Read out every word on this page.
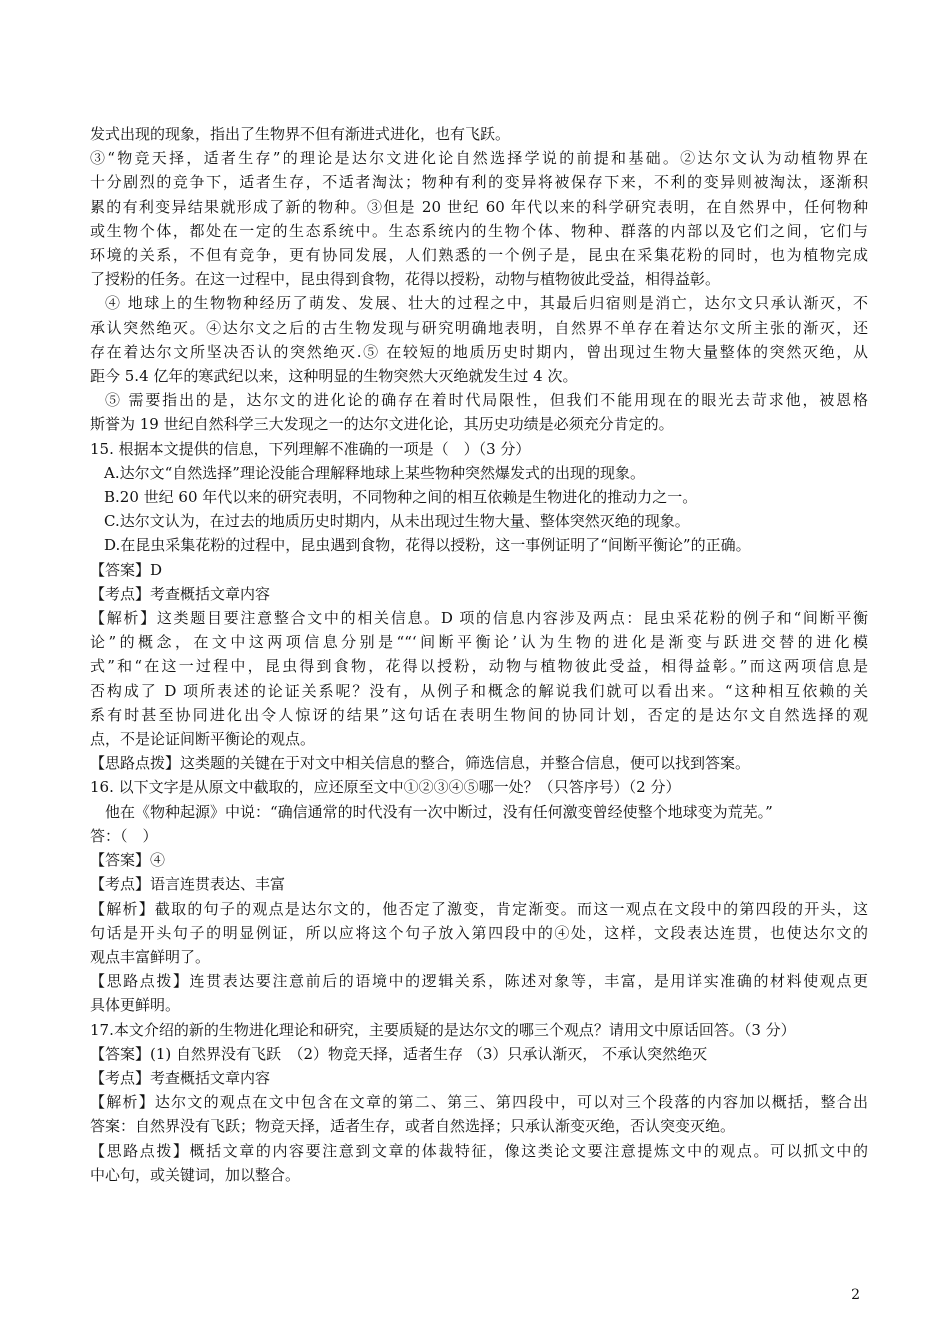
发式出现的现象，指出了生物界不但有渐进式进化，也有飞跃。
③“物竞天择，适者生存”的理论是达尔文进化论自然选择学说的前提和基础。②达尔文认为动植物界在
十分剧烈的竞争下，适者生存，不适者淘汰；物种有利的变异将被保存下来，不利的变异则被淘汰，逐渐积
累的有利变异结果就形成了新的物种。③但是 20 世纪 60 年代以来的科学研究表明，在自然界中，任何物种
或生物个体，都处在一定的生态系统中。生态系统内的生物个体、物种、群落的内部以及它们之间，它们与
环境的关系，不但有竞争，更有协同发展，人们熟悉的一个例子是，昆虫在采集花粉的同时，也为植物完成
了授粉的任务。在这一过程中，昆虫得到食物，花得以授粉，动物与植物彼此受益，相得益彰。
④ 地球上的生物物种经历了萌发、发展、壮大的过程之中，其最后归宿则是消亡，达尔文只承认渐灭，不
承认突然绝灭。④达尔文之后的古生物发现与研究明确地表明，自然界不单存在着达尔文所主张的渐灭，还
存在着达尔文所坚决否认的突然绝灭.⑤ 在较短的地质历史时期内，曾出现过生物大量整体的突然灭绝，从
距今 5.4 亿年的寒武纪以来，这种明显的生物突然大灭绝就发生过 4 次。
⑤ 需要指出的是，达尔文的进化论的确存在着时代局限性，但我们不能用现在的眼光去苛求他，被恩格
斯誉为 19 世纪自然科学三大发现之一的达尔文进化论，其历史功绩是必须充分肯定的。
15. 根据本文提供的信息，下列理解不准确的一项是（　）（3 分）
A.达尔文“自然选择”理论没能合理解释地球上某些物种突然爆发式的出现的现象。
B.20 世纪 60 年代以来的研究表明，不同物种之间的相互依赖是生物进化的推动力之一。
C.达尔文认为，在过去的地质历史时期内，从未出现过生物大量、整体突然灭绝的现象。
D.在昆虫采集花粉的过程中，昆虫遇到食物，花得以授粉，这一事例证明了“间断平衡论”的正确。
【答案】D
【考点】考查概括文章内容
【解析】这类题目要注意整合文中的相关信息。D 项的信息内容涉及两点：昆虫采花粉的例子和“间断平衡
论”的概念，在文中这两项信息分别是““‘间断平衡论’认为生物的进化是渐变与跃进交替的进化模
式”和“在这一过程中，昆虫得到食物，花得以授粉，动物与植物彼此受益，相得益彰。”而这两项信息是
否构成了 D 项所表述的论证关系呢？没有，从例子和概念的解说我们就可以看出来。“这种相互依赖的关
系有时甚至协同进化出令人惊讶的结果”这句话在表明生物间的协同计划，否定的是达尔文自然选择的观
点，不是论证间断平衡论的观点。
【思路点拨】这类题的关键在于对文中相关信息的整合，筛选信息，并整合信息，便可以找到答案。
16. 以下文字是从原文中截取的，应还原至文中①②③④⑤哪一处？（只答序号）（2 分）
他在《物种起源》中说：“确信通常的时代没有一次中断过，没有任何激变曾经使整个地球变为荒芜。”
答：（　）
【答案】④
【考点】语言连贯表达、丰富
【解析】截取的句子的观点是达尔文的，他否定了激变，肯定渐变。而这一观点在文段中的第四段的开头，这
句话是开头句子的明显例证，所以应将这个句子放入第四段中的④处，这样，文段表达连贯，也使达尔文的
观点丰富鲜明了。
【思路点拨】连贯表达要注意前后的语境中的逻辑关系，陈述对象等，丰富，是用详实准确的材料使观点更
具体更鲜明。
17.本文介绍的新的生物进化理论和研究，主要质疑的是达尔文的哪三个观点？请用文中原话回答。（3 分）
【答案】(1) 自然界没有飞跃　（2）物竞天择，适者生存 （3）只承认渐灭， 不承认突然绝灭
【考点】考查概括文章内容
【解析】达尔文的观点在文中包含在文章的第二、第三、第四段中，可以对三个段落的内容加以概括，整合出
答案：自然界没有飞跃；物竞天择，适者生存，或者自然选择；只承认渐变灭绝，否认突变灭绝。
【思路点拨】概括文章的内容要注意到文章的体裁特征，像这类论文要注意提炼文中的观点。可以抓文中的
中心句，或关键词，加以整合。
2
